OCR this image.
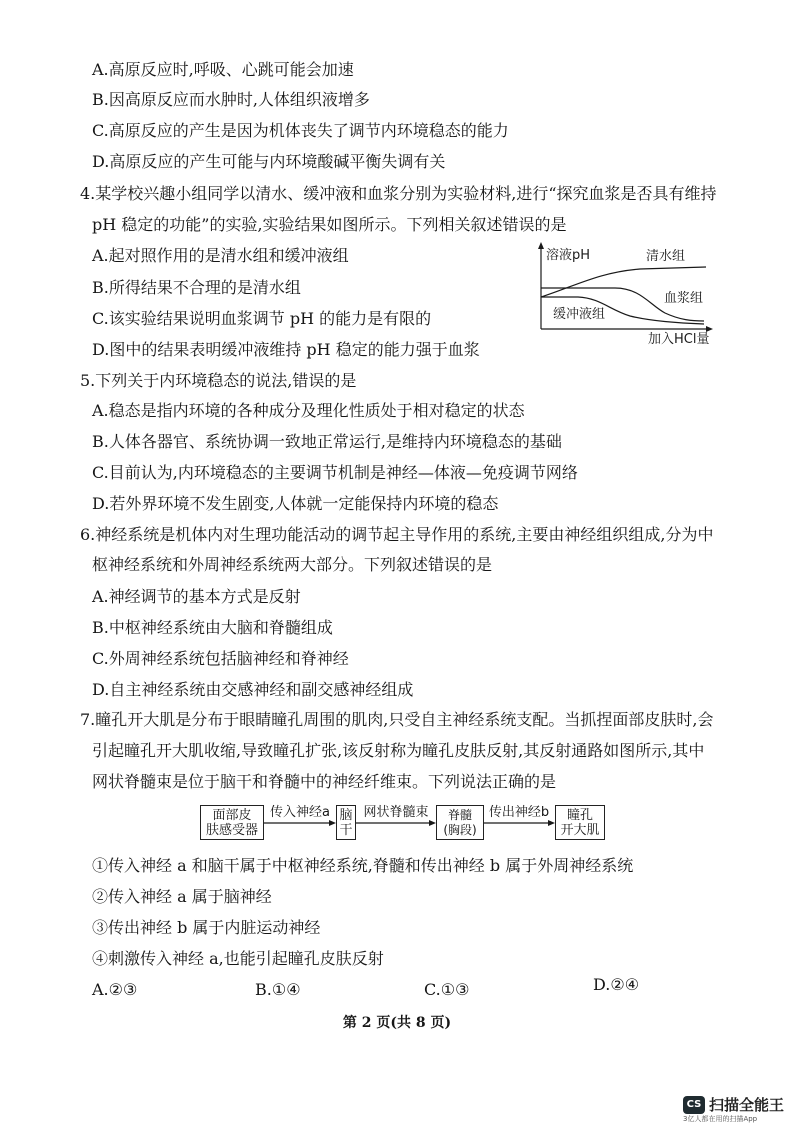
A.高原反应时,呼吸、心跳可能会加速
B.因高原反应而水肿时,人体组织液增多
C.高原反应的产生是因为机体丧失了调节内环境稳态的能力
D.高原反应的产生可能与内环境酸碱平衡失调有关
4.某学校兴趣小组同学以清水、缓冲液和血浆分别为实验材料,进行“探究血浆是否具有维持
pH 稳定的功能”的实验,实验结果如图所示。下列相关叙述错误的是
A.起对照作用的是清水组和缓冲液组
B.所得结果不合理的是清水组
C.该实验结果说明血浆调节 pH 的能力是有限的
D.图中的结果表明缓冲液维持 pH 稳定的能力强于血浆
溶液pH	清水组
血浆组
缓冲液组
加入HCl量
5.下列关于内环境稳态的说法,错误的是
A.稳态是指内环境的各种成分及理化性质处于相对稳定的状态
B.人体各器官、系统协调一致地正常运行,是维持内环境稳态的基础
C.目前认为,内环境稳态的主要调节机制是神经—体液—免疫调节网络
D.若外界环境不发生剧变,人体就一定能保持内环境的稳态
6.神经系统是机体内对生理功能活动的调节起主导作用的系统,主要由神经组织组成,分为中
枢神经系统和外周神经系统两大部分。下列叙述错误的是
A.神经调节的基本方式是反射
B.中枢神经系统由大脑和脊髓组成
C.外周神经系统包括脑神经和脊神经
D.自主神经系统由交感神经和副交感神经组成
7.瞳孔开大肌是分布于眼睛瞳孔周围的肌肉,只受自主神经系统支配。当抓捏面部皮肤时,会
引起瞳孔开大肌收缩,导致瞳孔扩张,该反射称为瞳孔皮肤反射,其反射通路如图所示,其中
网状脊髓束是位于脑干和脊髓中的神经纤维束。下列说法正确的是
面部皮
肤感受器
传入神经a 脑
干
网状脊髓束	脊髓
(胸段)
传出神经b 瞳孔
开大肌
①传入神经 a 和脑干属于中枢神经系统,脊髓和传出神经 b 属于外周神经系统
②传入神经 a 属于脑神经
③传出神经 b 属于内脏运动神经
④刺激传入神经 a,也能引起瞳孔皮肤反射
A.②③	B.①④	C.①③	D.②④
第 2 页(共 8 页)
CS 扫描全能王
3亿人都在用的扫描App
